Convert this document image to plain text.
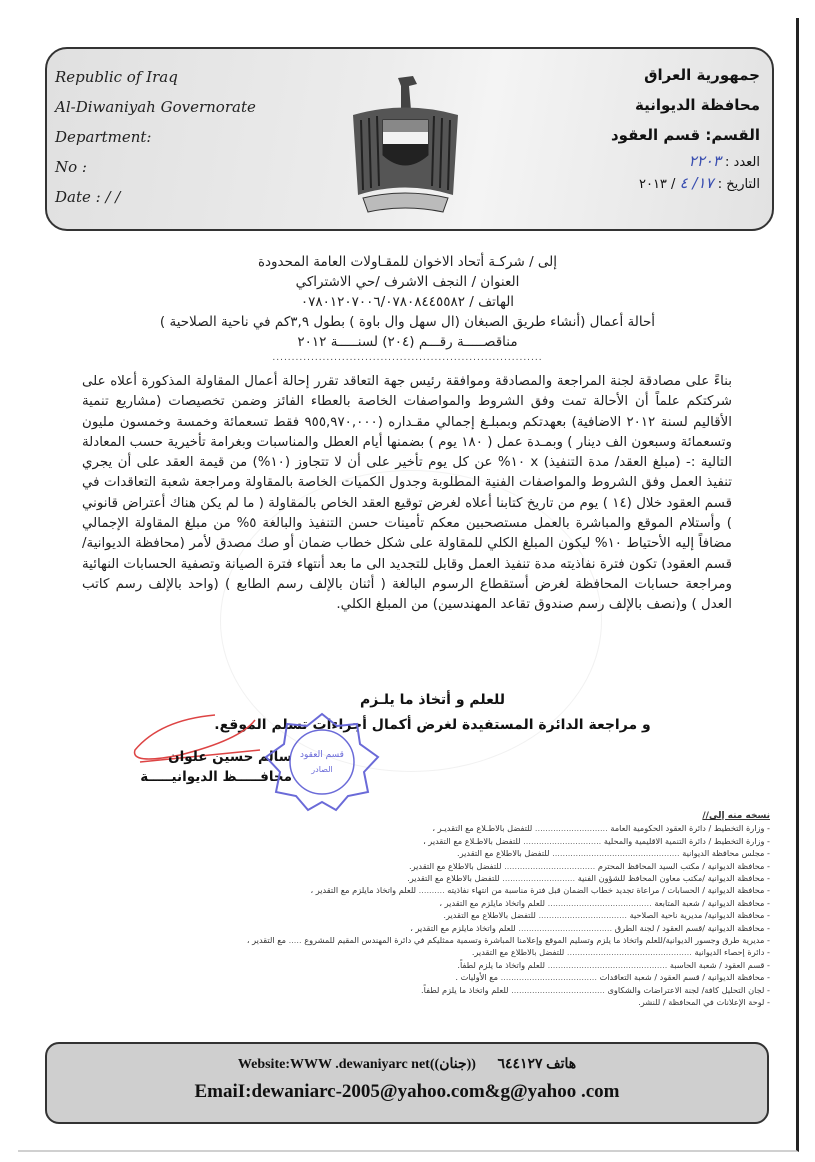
Republic of Iraq
Al-Diwaniyah Governorate
Department:
No :
Date : / /
جمهورية العراق
محافظة الديوانية
القسم: قسم العقود
العدد : ٢٢٠٣
التاريخ : ١٧/ ٤ / ٢٠١٣
إلى / شركـة أتحاد الاخوان للمقـاولات العامة المحدودة
العنوان / النجف الاشرف /حي الاشتراكي
الهاتف / ٠٧٨٠١٢٠٧٠٠٦/٠٧٨٠٨٤٤٥٥٨٢
أحالة أعمال (أنشاء طريق الصبغان (ال سهل وال باوة ) بطول ٣,٩كم في ناحية الصلاحية )
مناقصـــــة رقـــم (٢٠٤) لسنـــــة ٢٠١٢
......................................................................
بناءً على مصادقة لجنة المراجعة والمصادقة وموافقة رئيس جهة التعاقد تقرر إحالة أعمال المقاولة المذكورة أعلاه على شركتكم علماً أن الأحالة تمت وفق الشروط والمواصفات الخاصة بالعطاء الفائز وضمن تخصيصات (مشاريع تنمية الأقاليم لسنة ٢٠١٢ الاضافية) بعهدتكم وبمبلـغ إجمالي مقـداره (٩٥٥,٩٧٠,٠٠٠ فقط تسعمائة وخمسة وخمسون مليون وتسعمائة وسبعون الف دينار ) وبمـدة عمل ( ١٨٠ يوم ) بضمنها أيام العطل والمناسبات وبغرامة تأخيرية حسب المعادلة التالية :- (مبلغ العقد/ مدة التنفيذ) x ١٠% عن كل يوم تأخير على أن لا تتجاوز (١٠%) من قيمة العقد على أن يجري تنفيذ العمل وفق الشروط والمواصفات الفنية المطلوبة وجدول الكميات الخاصة بالمقاولة ومراجعة شعبة التعاقدات في قسم العقود خلال (١٤ ) يوم من تاريخ كتابنا أعلاه لغرض توقيع العقد الخاص بالمقاولة ( ما لم يكن هناك أعتراض قانوني ) وأستلام الموقع والمباشرة بالعمل مستصحبين معكم تأمينات حسن التنفيذ والبالغة ٥% من مبلغ المقاولة الإجمالي مضافاً إليه الأحتياط ١٠% ليكون المبلغ الكلي للمقاولة على شكل خطاب ضمان أو صك مصدق لأمر (محافظة الديوانية/قسم العقود) تكون فترة نفاذيته مدة تنفيذ العمل وقابل للتجديد الى ما بعد أنتهاء فترة الصيانة وتصفية الحسابات النهائية ومراجعة حسابات المحافظة لغرض أستقطاع الرسوم البالغة ( أثنان بالإلف رسم الطابع ) (واحد بالإلف رسم كاتب العدل ) و(نصف بالإلف رسم صندوق تقاعد المهندسين) من المبلغ الكلي.
للعلم و أتخاذ ما يلـزم
و مراجعة الدائرة المستفيدة لغرض أكمال أجراءات تسلم الموقع.
سالم حسين علوان
محافـــــظ الديوانيـــــة
قسم العقود
الصادر
نسخه منه إلى//
- وزارة التخطيط / دائرة العقود الحكومية العامة ............................ للتفضل بالاطـلاع مع التقديـر ،
- وزارة التخطيط / دائرة التنمية الاقليمية والمحلية .............................. للتفضل بالاطـلاع مع التقدير ،
- مجلس محافظة الديوانية ................................................. للتفضل بالاطلاع مع التقدير.
- محافظة الديوانية / مكتب السيد المحافظ المحترم ................................... للتفضل بالاطلاع مع التقدير.
- محافظة الديوانية /مكتب معاون المحافظ للشؤون الفنية ............................ للتفضل بالاطلاع مع التقدير.
- محافظة الديوانية / الحسابات / مراعاة تجديد خطاب الضمان قبل فترة مناسبة من انتهاء نفاذيته .......... للعلم واتخاذ مايلزم مع التقدير ،
- محافظة الديوانية / شعبة المتابعة ........................................ للعلم واتخاذ مايلزم مع التقدير ،
- محافظة الديوانية/ مديرية ناحية الصلاحية .................................. للتفضل بالاطلاع مع التقدير.
- محافظة الديوانية /قسم العقود / لجنة الطرق .................................... للعلم واتخاذ مايلزم مع التقدير ،
- مديرية طرق وجسور الديوانية/للعلم واتخاذ ما يلزم وتسليم الموقع وإعلامنا المباشرة وتسمية ممثليكم في دائرة المهندس المقيم للمشروع ..... مع التقدير ،
- دائرة إحصاء الديوانية ................................................ للتفضل بالاطلاع مع التقدير.
- قسم العقود / شعبة الحاسبة .............................................. للعلم واتخاذ ما يلزم لطفاً.
- محافظة الديوانية / قسم العقود / شعبة التعاقدات ..................................... مع الأوليات .
- لجان التحليل كافة/ لجنة الاعتراضات والشكاوى .................................... للعلم واتخاذ ما يلزم لطفاً.
- لوحة الإعلانات في المحافظة / للنشر.
Website:WWW .dewaniyarc net((جنان)) هاتف ٦٤٤١٢٧
EmaiI:dewaniarc-2005@yahoo.com&g@yahoo .com
